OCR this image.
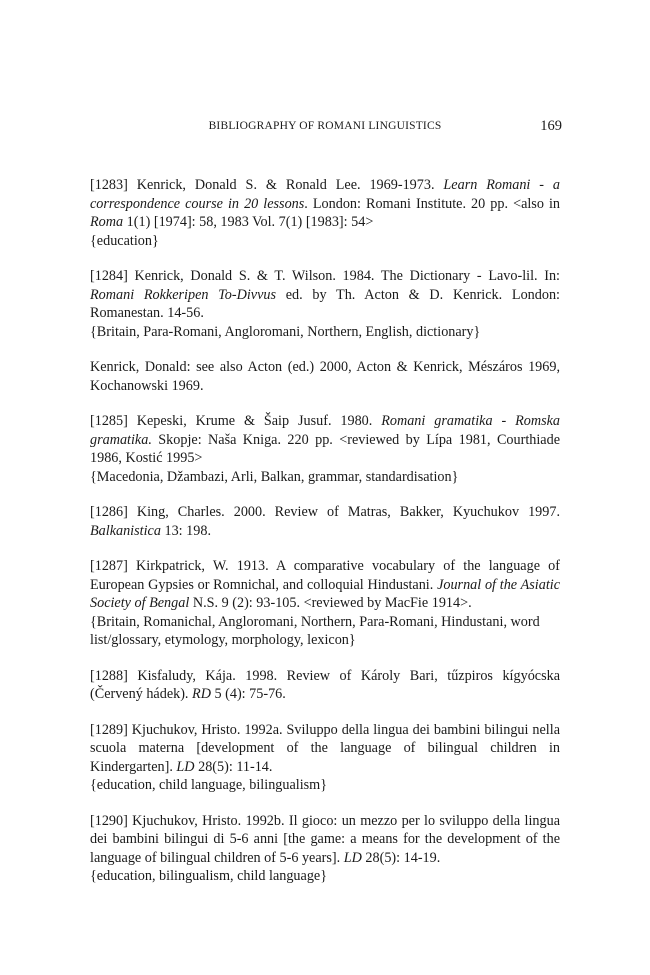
BIBLIOGRAPHY OF ROMANI LINGUISTICS	169

[1283] Kenrick, Donald S. & Ronald Lee. 1969-1973. Learn Romani - a correspondence course in 20 lessons. London: Romani Institute. 20 pp. <also in Roma 1(1) [1974]: 58, 1983 Vol. 7(1) [1983]: 54>

{education}

[1284] Kenrick, Donald S. & T. Wilson. 1984. The Dictionary - Lavo-lil. In: Romani Rokkeripen To-Divvus ed. by Th. Acton & D. Kenrick. London: Romanestan. 14-56.

{Britain, Para-Romani, Angloromani, Northern, English, dictionary}

Kenrick, Donald: see also Acton (ed.) 2000, Acton & Kenrick, Mészáros 1969, Kochanowski 1969.

[1285] Kepeski, Krume & Šaip Jusuf. 1980. Romani gramatika - Romska gramatika. Skopje: Naša Kniga. 220 pp. <reviewed by Lípa 1981, Courthiade 1986, Kostić 1995>

{Macedonia, Džambazi, Arli, Balkan, grammar, standardisation}

[1286] King, Charles. 2000. Review of Matras, Bakker, Kyuchukov 1997. Balkanistica 13: 198.

[1287] Kirkpatrick, W. 1913. A comparative vocabulary of the language of European Gypsies or Romnichal, and colloquial Hindustani. Journal of the Asiatic Society of Bengal N.S. 9 (2): 93-105. <reviewed by MacFie 1914>.

{Britain, Romanichal, Angloromani, Northern, Para-Romani, Hindustani, word list/glossary, etymology, morphology, lexicon}

[1288] Kisfaludy, Kája. 1998. Review of Károly Bari, tűzpiros kígyócska (Červený hádek). RD 5 (4): 75-76.

[1289] Kjuchukov, Hristo. 1992a. Sviluppo della lingua dei bambini bilingui nella scuola materna [development of the language of bilingual children in Kindergarten]. LD 28(5): 11-14.

{education, child language, bilingualism}

[1290] Kjuchukov, Hristo. 1992b. Il gioco: un mezzo per lo sviluppo della lingua dei bambini bilingui di 5-6 anni [the game: a means for the development of the language of bilingual children of 5-6 years]. LD 28(5): 14-19.

{education, bilingualism, child language}
